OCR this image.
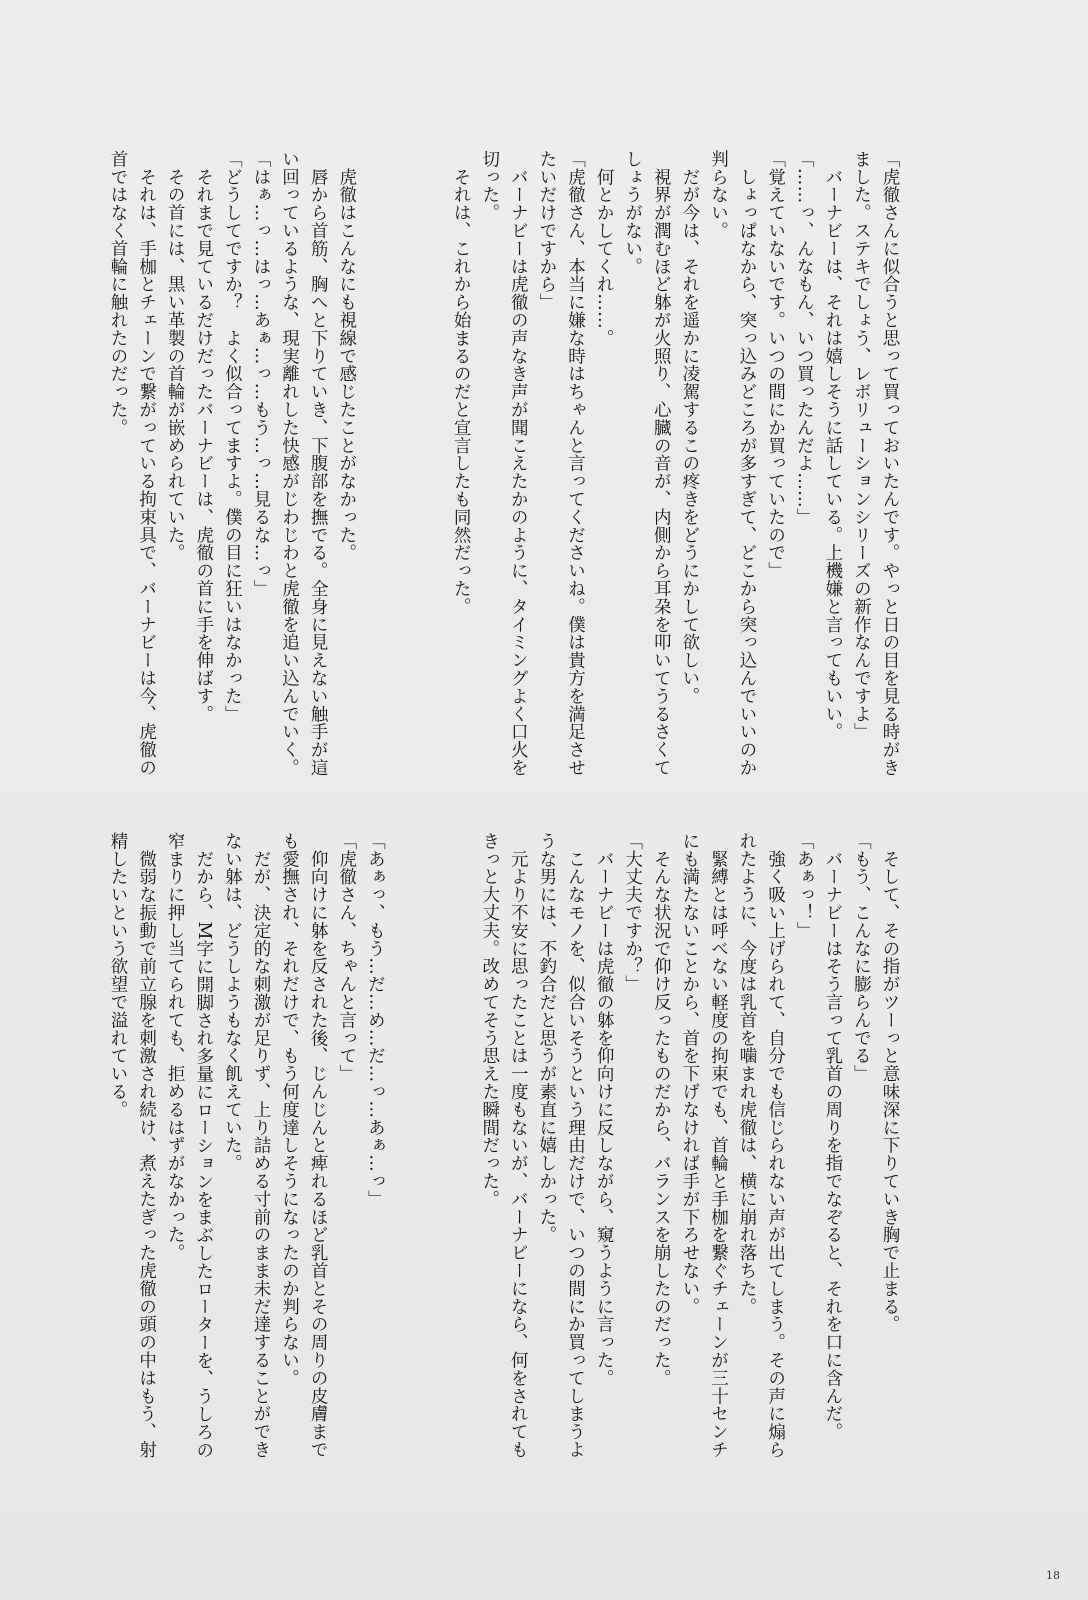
「虎徹さんに似合うと思って買っておいたんです。やっと日の目を見る時がき

ました。ステキでしょう、レボリューションシリーズの新作なんですよ」

　バーナビーは、それは嬉しそうに話している。上機嫌と言ってもいい。

「……っ、んなもん、いつ買ったんだよ……」

「覚えていないです。いつの間にか買っていたので」

　しょっぱなから、突っ込みどころが多すぎて、どこから突っ込んでいいのか

判らない。

　だが今は、それを遥かに凌駕するこの疼きをどうにかして欲しい。

　視界が潤むほど躰が火照り、心臓の音が、内側から耳朶を叩いてうるさくて

しょうがない。

　何とかしてくれ……。

「虎徹さん、本当に嫌な時はちゃんと言ってくださいね。僕は貴方を満足させ

たいだけですから」

　バーナビーは虎徹の声なき声が聞こえたかのように、タイミングよく口火を

切った。

　それは、これから始まるのだと宣言したも同然だった。

　虎徹はこんなにも視線で感じたことがなかった。

　唇から首筋、胸へと下りていき、下腹部を撫でる。全身に見えない触手が這

い回っているような、現実離れした快感がじわじわと虎徹を追い込んでいく。

「はぁ…っ…はっ…あぁ…っ…もう…っ…見るな…っ」

「どうしてですか？　よく似合ってますよ。僕の目に狂いはなかった」

　それまで見ているだけだったバーナビーは、虎徹の首に手を伸ばす。

　その首には、黒い革製の首輪が嵌められていた。

　それは、手枷とチェーンで繋がっている拘束具で、バーナビーは今、虎徹の

首ではなく首輪に触れたのだった。

　そして、その指がツーっと意味深に下りていき胸で止まる。

「もう、こんなに膨らんでる」

　バーナビーはそう言って乳首の周りを指でなぞると、それを口に含んだ。

「あぁっ！」

　強く吸い上げられて、自分でも信じられない声が出てしまう。その声に煽ら

れたように、今度は乳首を噛まれ虎徹は、横に崩れ落ちた。

　緊縛とは呼べない軽度の拘束でも、首輪と手枷を繋ぐチェーンが三十センチ

にも満たないことから、首を下げなければ手が下ろせない。

　そんな状況で仰け反ったものだから、バランスを崩したのだった。

「大丈夫ですか？」

　バーナビーは虎徹の躰を仰向けに反しながら、窺うように言った。

　こんなモノを、似合いそうという理由だけで、いつの間にか買ってしまうよ

うな男には、不釣合だと思うが素直に嬉しかった。

　元より不安に思ったことは一度もないが、バーナビーになら、何をされても

きっと大丈夫。改めてそう思えた瞬間だった。

「あぁっ、もう…だ…め…だ…っ…あぁ…っ」

「虎徹さん、ちゃんと言って」

　仰向けに躰を反された後、じんじんと痺れるほど乳首とその周りの皮膚まで

も愛撫され、それだけで、もう何度達しそうになったのか判らない。

　だが、決定的な刺激が足りず、上り詰める寸前のまま未だ達することができ

ない躰は、どうしようもなく飢えていた。

　だから、M字に開脚され多量にローションをまぶしたローターを、うしろの

窄まりに押し当てられても、拒めるはずがなかった。

　微弱な振動で前立腺を刺激され続け、煮えたぎった虎徹の頭の中はもう、射

精したいという欲望で溢れている。

18
